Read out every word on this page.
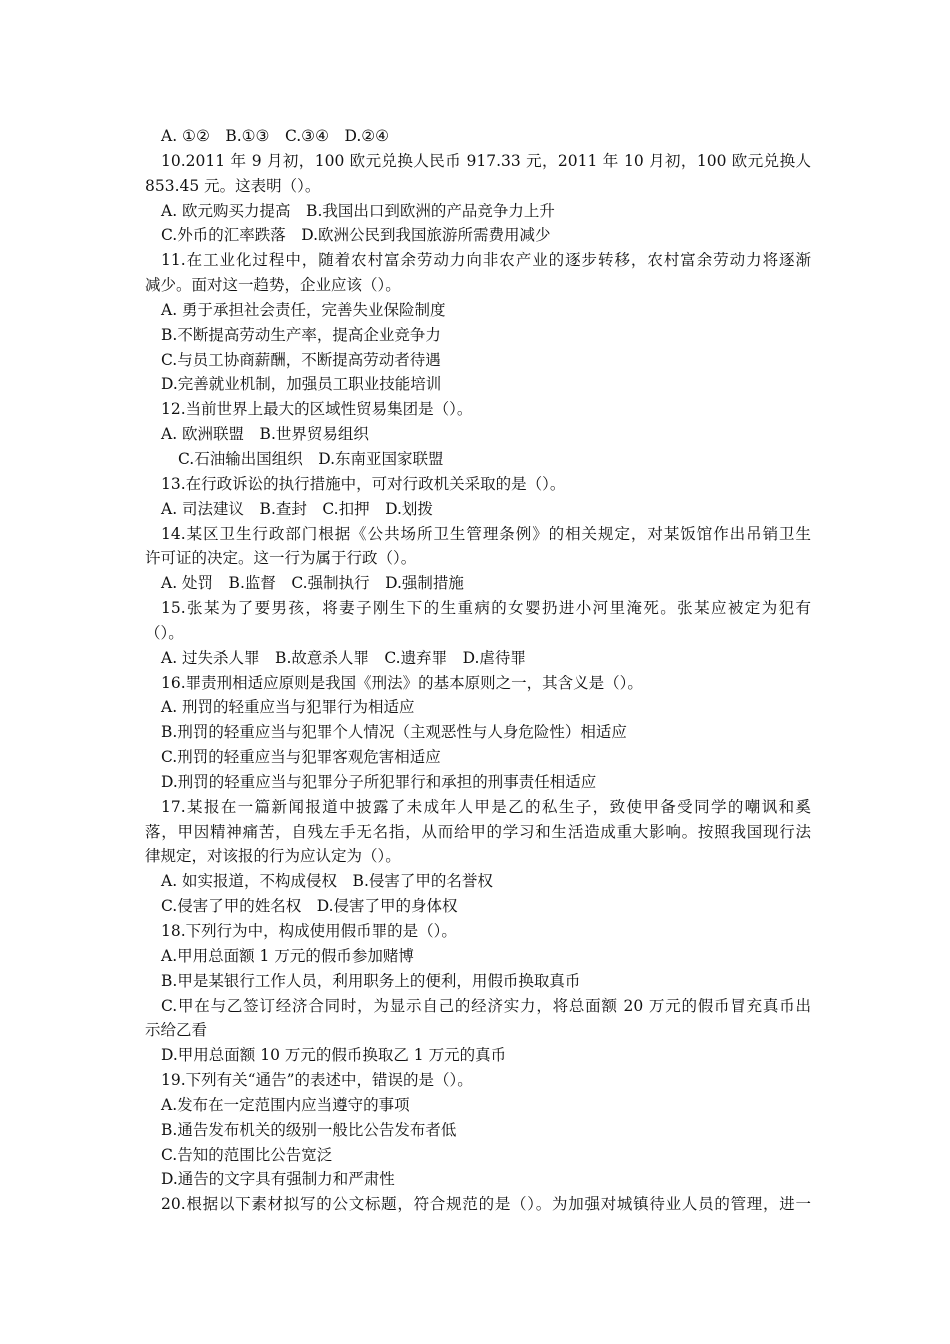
A. ①②　B.①③　C.③④　D.②④
10.2011 年 9 月初，100 欧元兑换人民币 917.33 元，2011 年 10 月初，100 欧元兑换人
853.45 元。这表明（）。
A. 欧元购买力提高　B.我国出口到欧洲的产品竞争力上升
C.外币的汇率跌落　D.欧洲公民到我国旅游所需费用减少
11.在工业化过程中，随着农村富余劳动力向非农产业的逐步转移，农村富余劳动力将逐渐
减少。面对这一趋势，企业应该（）。
A. 勇于承担社会责任，完善失业保险制度
B.不断提高劳动生产率，提高企业竞争力
C.与员工协商薪酬，不断提高劳动者待遇
D.完善就业机制，加强员工职业技能培训
12.当前世界上最大的区域性贸易集团是（）。
A. 欧洲联盟　B.世界贸易组织
C.石油输出国组织　D.东南亚国家联盟
13.在行政诉讼的执行措施中，可对行政机关采取的是（）。
A. 司法建议　B.查封　C.扣押　D.划拨
14.某区卫生行政部门根据《公共场所卫生管理条例》的相关规定，对某饭馆作出吊销卫生
许可证的决定。这一行为属于行政（）。
A. 处罚　B.监督　C.强制执行　D.强制措施
15.张某为了要男孩，将妻子刚生下的生重病的女婴扔进小河里淹死。张某应被定为犯有
（）。
A. 过失杀人罪　B.故意杀人罪　C.遗弃罪　D.虐待罪
16.罪责刑相适应原则是我国《刑法》的基本原则之一，其含义是（）。
A. 刑罚的轻重应当与犯罪行为相适应
B.刑罚的轻重应当与犯罪个人情况（主观恶性与人身危险性）相适应
C.刑罚的轻重应当与犯罪客观危害相适应
D.刑罚的轻重应当与犯罪分子所犯罪行和承担的刑事责任相适应
17.某报在一篇新闻报道中披露了未成年人甲是乙的私生子，致使甲备受同学的嘲讽和奚
落，甲因精神痛苦，自残左手无名指，从而给甲的学习和生活造成重大影响。按照我国现行法
律规定，对该报的行为应认定为（）。
A. 如实报道，不构成侵权　B.侵害了甲的名誉权
C.侵害了甲的姓名权　D.侵害了甲的身体权
18.下列行为中，构成使用假币罪的是（）。
A.甲用总面额 1 万元的假币参加赌博
B.甲是某银行工作人员，利用职务上的便利，用假币换取真币
C.甲在与乙签订经济合同时，为显示自己的经济实力，将总面额 20 万元的假币冒充真币出
示给乙看
D.甲用总面额 10 万元的假币换取乙 1 万元的真币
19.下列有关“通告”的表述中，错误的是（）。
A.发布在一定范围内应当遵守的事项
B.通告发布机关的级别一般比公告发布者低
C.告知的范围比公告宽泛
D.通告的文字具有强制力和严肃性
20.根据以下素材拟写的公文标题，符合规范的是（）。为加强对城镇待业人员的管理，进一
